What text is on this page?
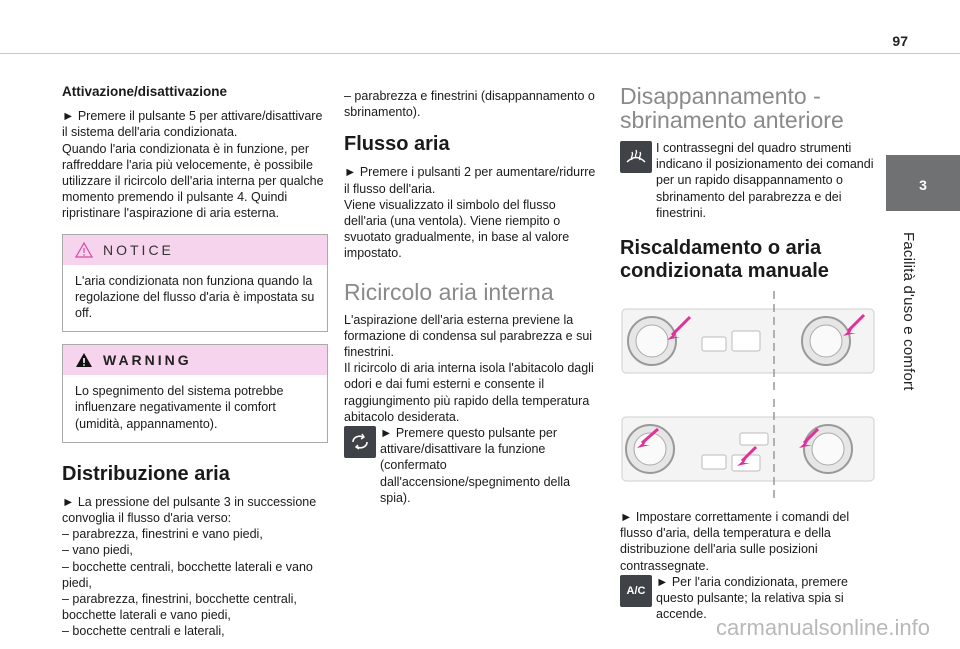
97
3
Facilità d'uso e comfort
Attivazione/disattivazione

► Premere il pulsante 5 per attivare/disattivare il sistema dell'aria condizionata.

Quando l'aria condizionata è in funzione, per raffreddare l'aria più velocemente, è possibile utilizzare il ricircolo dell'aria interna per qualche momento premendo il pulsante 4. Quindi ripristinare l'aspirazione di aria esterna.

NOTICE
L'aria condizionata non funziona quando la regolazione del flusso d'aria è impostata su off.
WARNING
Lo spegnimento del sistema potrebbe influenzare negativamente il comfort (umidità, appannamento).
Distribuzione aria
► La pressione del pulsante 3 in successione convoglia il flusso d'aria verso:
– parabrezza, finestrini e vano piedi,
– vano piedi,
– bocchette centrali, bocchette laterali e vano piedi,
– parabrezza, finestrini, bocchette centrali, bocchette laterali e vano piedi,
– bocchette centrali e laterali,

– parabrezza e finestrini (disappannamento o sbrinamento).

Flusso aria

► Premere i pulsanti 2 per aumentare/ridurre il flusso dell'aria.

Viene visualizzato il simbolo del flusso dell'aria (una ventola). Viene riempito o svuotato gradualmente, in base al valore impostato.

Ricircolo aria interna

L'aspirazione dell'aria esterna previene la formazione di condensa sul parabrezza e sui finestrini.

Il ricircolo di aria interna isola l'abitacolo dagli odori e dai fumi esterni e consente il raggiungimento più rapido della temperatura abitacolo desiderata.

► Premere questo pulsante per attivare/disattivare la funzione (confermato dall'accensione/spegnimento della spia).

Disappannamento - sbrinamento anteriore

I contrassegni del quadro strumenti indicano il posizionamento dei comandi per un rapido disappannamento o sbrinamento del parabrezza e dei finestrini.

Riscaldamento o aria condizionata manuale

► Impostare correttamente i comandi del flusso d'aria, della temperatura e della distribuzione dell'aria sulle posizioni contrassegnate.

A/C

► Per l'aria condizionata, premere questo pulsante; la relativa spia si accende.

carmanualsonline.info
